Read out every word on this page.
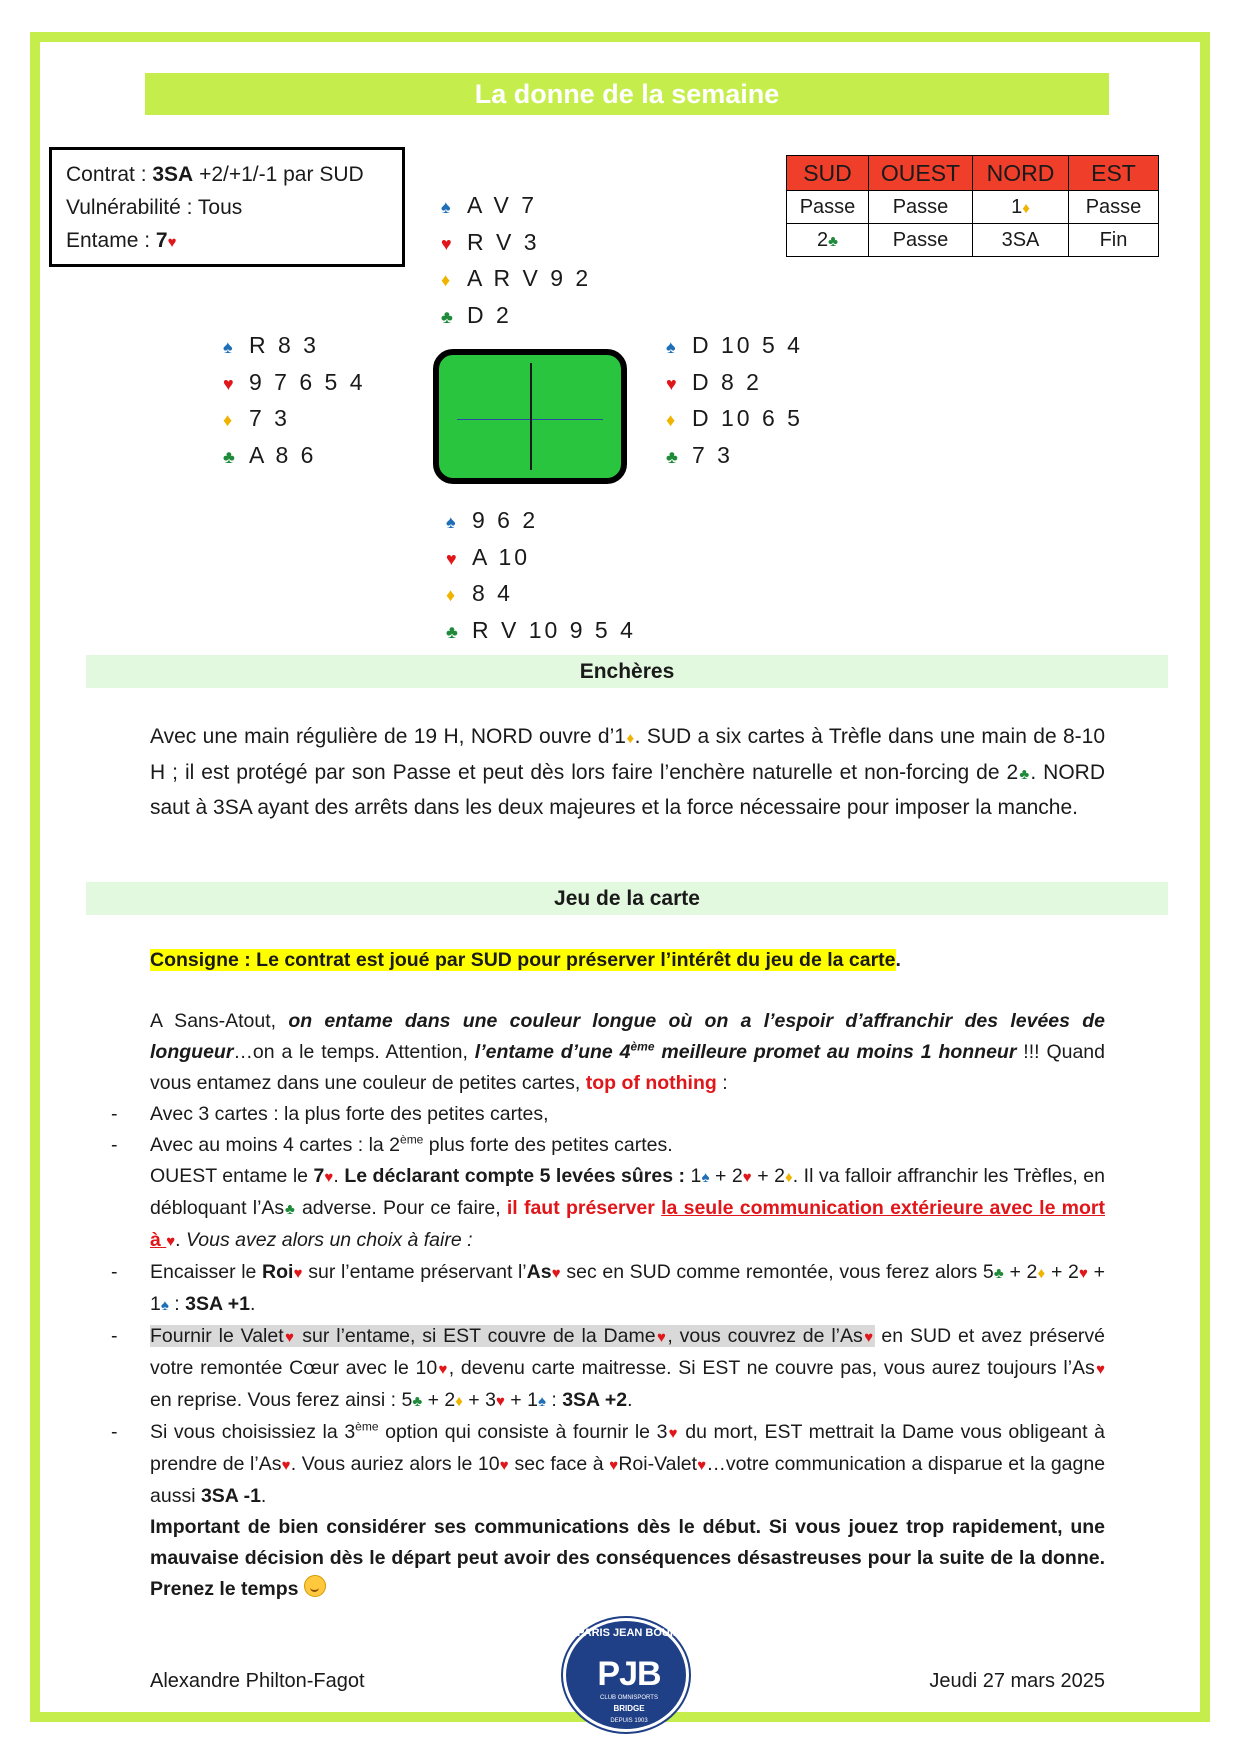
La donne de la semaine
Contrat : 3SA +2/+1/-1 par SUD
Vulnérabilité : Tous
Entame : 7♥
♠ A V 7
♥ R V 3
♦ A R V 9 2
♣ D 2
♠ R 8 3
♥ 9 7 6 5 4
♦ 7 3
♣ A 8 6
♠ D 10 5 4
♥ D 8 2
♦ D 10 6 5
♣ 7 3
♠ 9 6 2
♥ A 10
♦ 8 4
♣ R V 10 9 5 4
SUD	OUEST	NORD	EST
Passe	Passe	1♦	Passe
2♣	Passe	3SA	Fin
Enchères
Avec une main régulière de 19 H, NORD ouvre d’1♦. SUD a six cartes à Trèfle dans une main de 8-10 H ; il est protégé par son Passe et peut dès lors faire l’enchère naturelle et non-forcing de 2♣. NORD saut à 3SA ayant des arrêts dans les deux majeures et la force nécessaire pour imposer la manche.
Jeu de la carte

Consigne : Le contrat est joué par SUD pour préserver l’intérêt du jeu de la carte.

A Sans-Atout, on entame dans une couleur longue où on a l’espoir d’affranchir des levées de longueur…on a le temps. Attention, l’entame d’une 4ème meilleure promet au moins 1 honneur !!! Quand vous entamez dans une couleur de petites cartes, top of nothing :

- Avec 3 cartes : la plus forte des petites cartes,

- Avec au moins 4 cartes : la 2ème plus forte des petites cartes.

OUEST entame le 7♥. Le déclarant compte 5 levées sûres : 1♠ + 2♥ + 2♦. Il va falloir affranchir les Trèfles, en débloquant l’As♣ adverse. Pour ce faire, il faut préserver la seule communication extérieure avec le mort à ♥. Vous avez alors un choix à faire :

- Encaisser le Roi♥ sur l’entame préservant l’As♥ sec en SUD comme remontée, vous ferez alors 5♣ + 2♦ + 2♥ + 1♠ : 3SA +1.

- Fournir le Valet♥ sur l’entame, si EST couvre de la Dame♥, vous couvrez de l’As♥ en SUD et avez préservé votre remontée Cœur avec le 10♥, devenu carte maitresse. Si EST ne couvre pas, vous aurez toujours l’As♥ en reprise. Vous ferez ainsi : 5♣ + 2♦ + 3♥ + 1♠ : 3SA +2.

- Si vous choisissiez la 3ème option qui consiste à fournir le 3♥ du mort, EST mettrait la Dame vous obligeant à prendre de l’As♥. Vous auriez alors le 10♥ sec face à ♥Roi-Valet♥…votre communication a disparue et la gagne aussi 3SA -1.

Important de bien considérer ses communications dès le début. Si vous jouez trop rapidement, une mauvaise décision dès le départ peut avoir des conséquences désastreuses pour la suite de la donne. Prenez le temps

Alexandre Philton-Fagot
PARIS JEAN BOUIN
PJB
CLUB OMNISPORTS
BRIDGE
DEPUIS 1903
Jeudi 27 mars 2025
